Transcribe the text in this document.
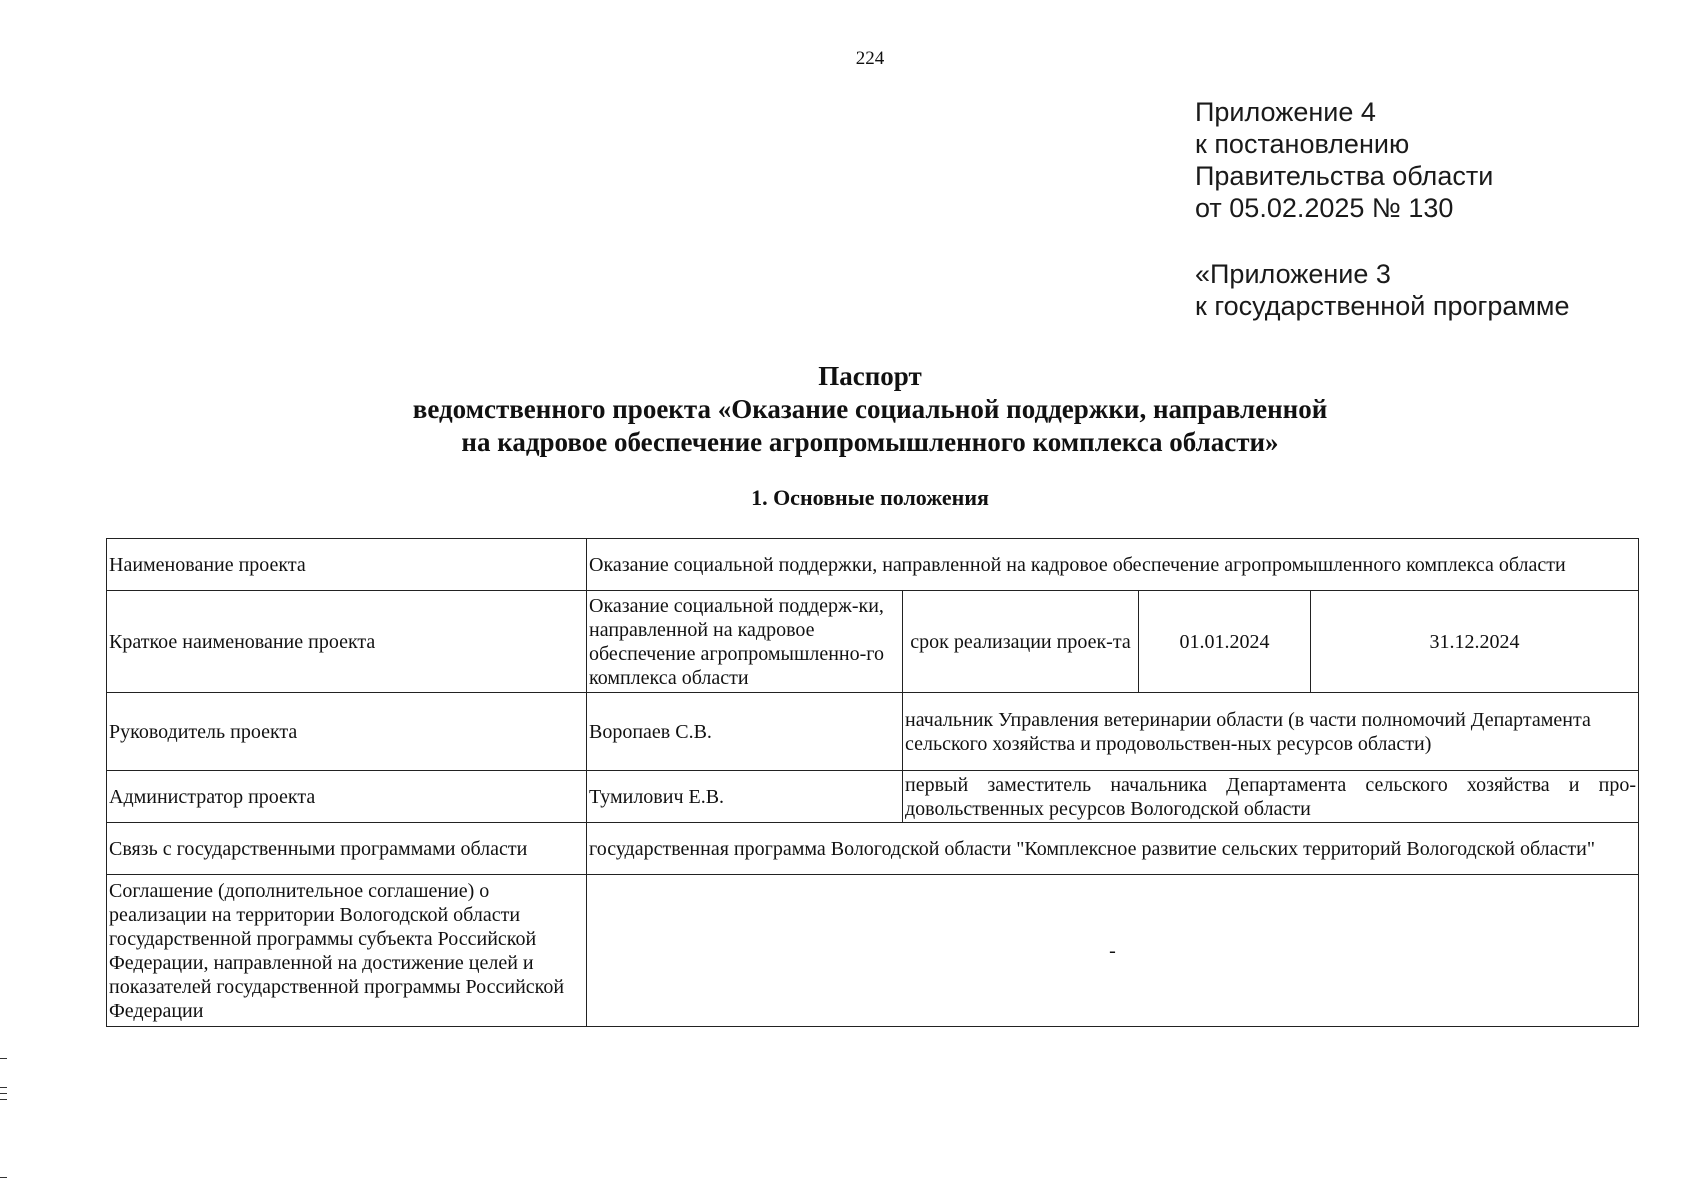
224
Приложение 4
к постановлению
Правительства области
от 05.02.2025 № 130
«Приложение 3
к государственной программе
Паспорт
ведомственного проекта «Оказание социальной поддержки, направленной
на кадровое обеспечение агропромышленного комплекса области»
1. Основные положения
Наименование проекта	Оказание социальной поддержки, направленной на кадровое обеспечение агропромышленного комплекса области			
Краткое наименование проекта	Оказание социальной поддерж-ки, направленной на кадровое обеспечение агропромышленно-го комплекса области	срок реализации проек-та	01.01.2024	31.12.2024
Руководитель проекта	Воропаев С.В.	начальник Управления ветеринарии области (в части полномочий Департамента сельского хозяйства и продовольствен-ных ресурсов области)		
Администратор проекта	Тумилович Е.В.	первый заместитель начальника Департамента сельского хозяйства и про-довольственных ресурсов Вологодской области		
Связь с государственными программами области	государственная программа Вологодской области "Комплексное развитие сельских территорий Вологодской области"			
Соглашение (дополнительное соглашение) о реализации на территории Вологодской области государственной программы субъекта Российской Федерации, направленной на достижение целей и показателей государственной программы Российской Федерации	-			
